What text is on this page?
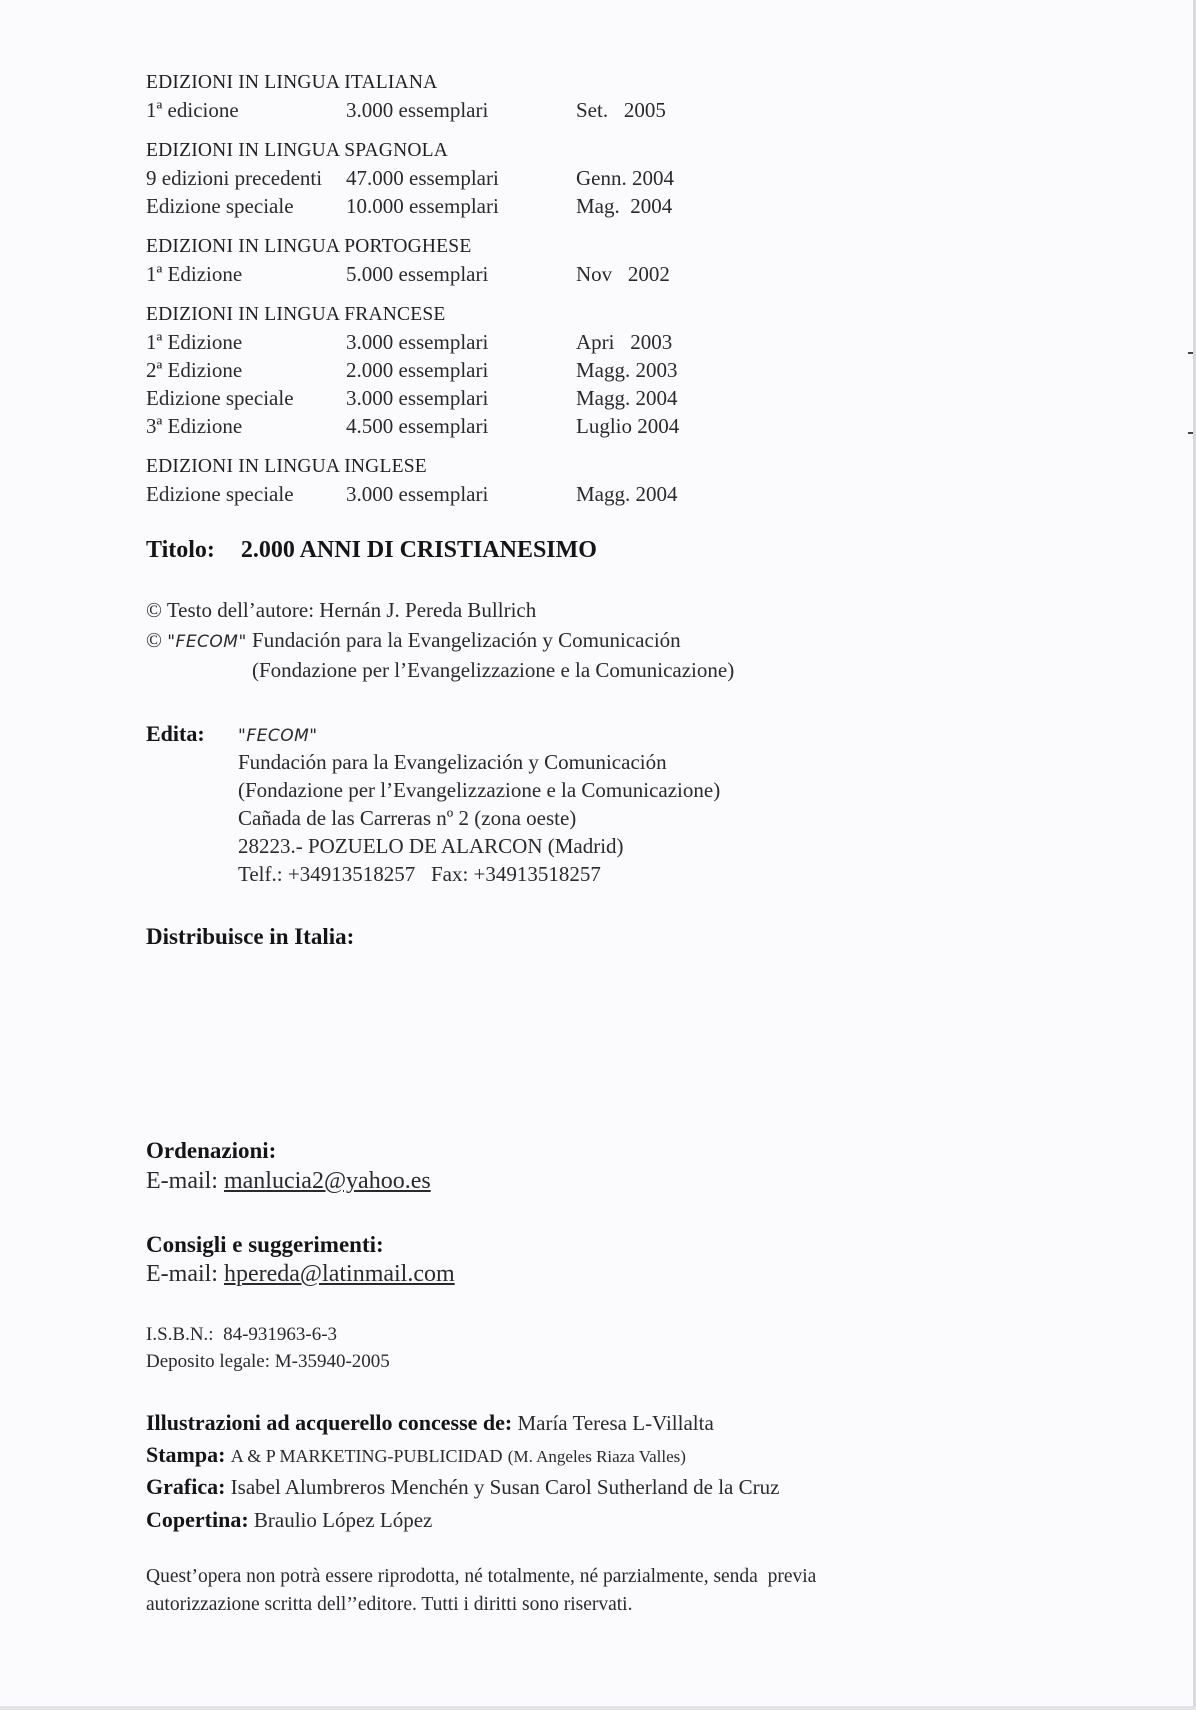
EDIZIONI IN LINGUA ITALIANA
1ª edicione	3.000 essemplari	Set.   2005
EDIZIONI IN LINGUA SPAGNOLA
9 edizioni precedenti 47.000 essemplari	Genn. 2004
Edizione speciale 10.000 essemplari	Mag.  2004
EDIZIONI IN LINGUA PORTOGHESE
1ª Edizione	5.000 essemplari	Nov   2002
EDIZIONI IN LINGUA FRANCESE
1ª Edizione	3.000 essemplari	Apri   2003
2ª Edizione	2.000 essemplari	Magg. 2003
Edizione speciale 3.000 essemplari	Magg. 2004
3ª Edizione	4.500 essemplari	Luglio 2004
EDIZIONI IN LINGUA INGLESE
Edizione speciale 3.000 essemplari	Magg. 2004
Titolo: 2.000 ANNI DI CRISTIANESIMO
© Testo dell’autore: Hernán J. Pereda Bullrich
© "FECOM" Fundación para la Evangelización y Comunicación
(Fondazione per l’Evangelizzazione e la Comunicazione)
Edita: "FECOM"
Fundación para la Evangelización y Comunicación
(Fondazione per l’Evangelizzazione e la Comunicazione)
Cañada de las Carreras nº 2 (zona oeste)
28223.- POZUELO DE ALARCON (Madrid)
Telf.: +34913518257   Fax: +34913518257
Distribuisce in Italia:
Ordenazioni:
E-mail: manlucia2@yahoo.es
Consigli e suggerimenti:
E-mail: hpereda@latinmail.com
I.S.B.N.:  84-931963-6-3
Deposito legale: M-35940-2005
Illustrazioni ad acquerello concesse de: María Teresa L-Villalta
Stampa: A & P MARKETING-PUBLICIDAD (M. Angeles Riaza Valles)
Grafica: Isabel Alumbreros Menchén y Susan Carol Sutherland de la Cruz
Copertina: Braulio López López
Quest’opera non potrà essere riprodotta, né totalmente, né parzialmente, senda  previa
autorizzazione scritta dell’’editore. Tutti i diritti sono riservati.
